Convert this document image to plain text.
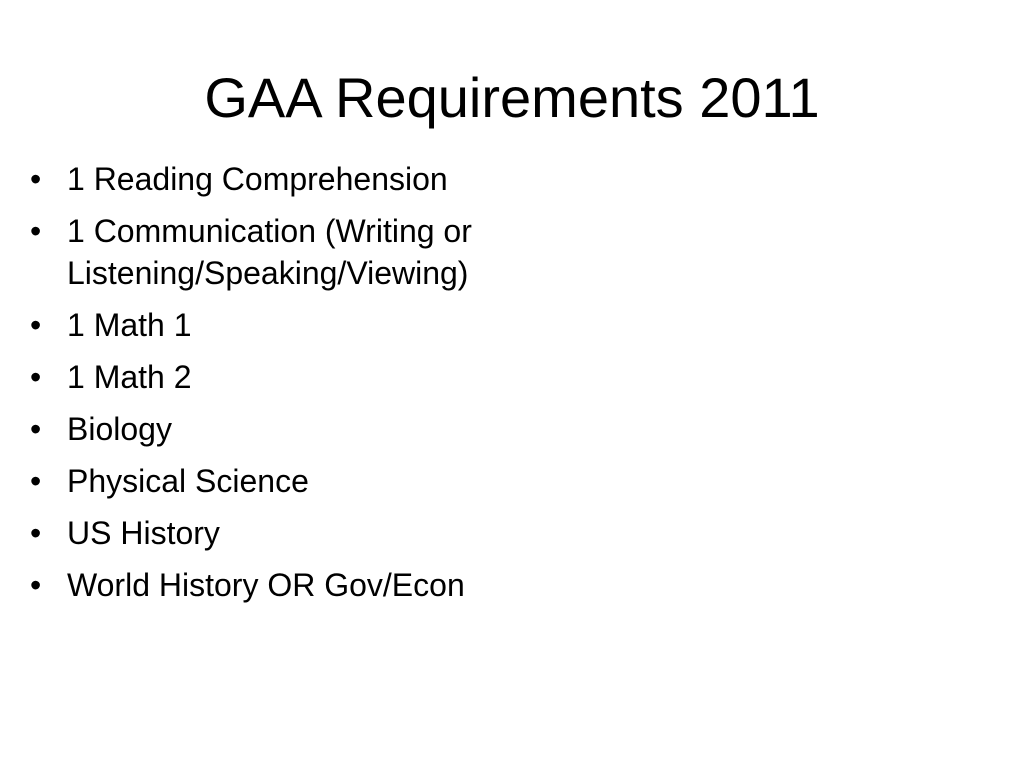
GAA Requirements 2011
• 1 Reading Comprehension
• 1 Communication (Writing or Listening/Speaking/Viewing)
• 1 Math 1
• 1 Math 2
• Biology
• Physical Science
• US History
• World History OR Gov/Econ
